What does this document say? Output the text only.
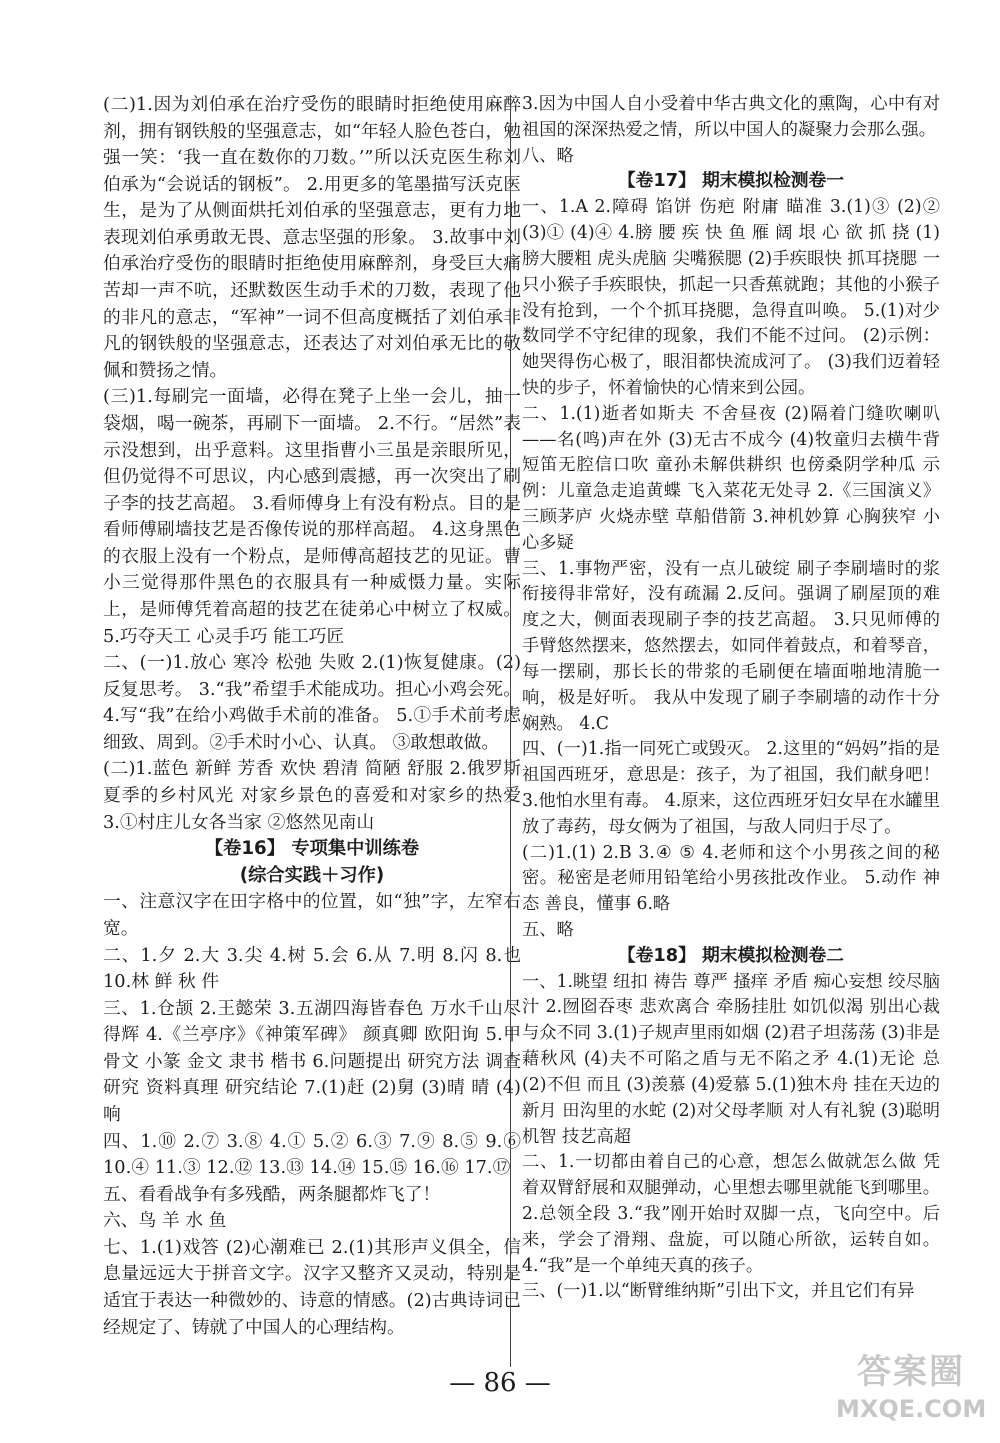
(二)1.因为刘伯承在治疗受伤的眼睛时拒绝使用麻醉剂，拥有钢铁般的坚强意志，如“年轻人脸色苍白，勉强一笑：‘我一直在数你的刀数。’”所以沃克医生称刘伯承为“会说话的钢板”。 2.用更多的笔墨描写沃克医生，是为了从侧面烘托刘伯承的坚强意志，更有力地表现刘伯承勇敢无畏、意志坚强的形象。 3.故事中刘伯承治疗受伤的眼睛时拒绝使用麻醉剂，身受巨大痛苦却一声不吭，还默数医生动手术的刀数，表现了他的非凡的意志，“军神”一词不但高度概括了刘伯承非凡的钢铁般的坚强意志，还表达了对刘伯承无比的敬佩和赞扬之情。
(三)1.每刷完一面墙，必得在凳子上坐一会儿，抽一袋烟，喝一碗茶，再刷下一面墙。 2.不行。“居然”表示没想到，出乎意料。这里指曹小三虽是亲眼所见，但仍觉得不可思议，内心感到震撼，再一次突出了刷子李的技艺高超。 3.看师傅身上有没有粉点。目的是看师傅刷墙技艺是否像传说的那样高超。 4.这身黑色的衣服上没有一个粉点，是师傅高超技艺的见证。曹小三觉得那件黑色的衣服具有一种威慑力量。实际上，是师傅凭着高超的技艺在徒弟心中树立了权威。 5.巧夺天工 心灵手巧 能工巧匠
二、(一)1.放心 寒冷 松弛 失败 2.(1)恢复健康。(2)反复思考。 3.“我”希望手术能成功。担心小鸡会死。 4.写“我”在给小鸡做手术前的准备。 5.①手术前考虑细致、周到。②手术时小心、认真。 ③敢想敢做。
(二)1.蓝色 新鲜 芳香 欢快 碧清 简陋 舒服 2.俄罗斯夏季的乡村风光 对家乡景色的喜爱和对家乡的热爱 3.①村庄儿女各当家 ②悠然见南山
【卷16】 专项集中训练卷
(综合实践＋习作)
一、注意汉字在田字格中的位置，如“独”字，左窄右宽。
二、1.夕 2.大 3.尖 4.树 5.会 6.从 7.明 8.闪 8.也 10.林 鲜 秋 件
三、1.仓颉 2.王懿荣 3.五湖四海皆春色 万水千山尽得辉 4.《兰亭序》《神策军碑》 颜真卿 欧阳询 5.甲骨文 小篆 金文 隶书 楷书 6.问题提出 研究方法 调查研究 资料真理 研究结论 7.(1)赶 (2)舅 (3)晴 晴 (4)响
四、1.⑩ 2.⑦ 3.⑧ 4.① 5.② 6.③ 7.⑨ 8.⑤ 9.⑥ 10.④ 11.③ 12.⑫ 13.⑬ 14.⑭ 15.⑮ 16.⑯ 17.⑰
五、看看战争有多残酷，两条腿都炸飞了！
六、鸟 羊 水 鱼
七、1.(1)戏答 (2)心潮难已 2.(1)其形声义俱全，信息量远远大于拼音文字。汉字又整齐又灵动，特别是适宜于表达一种微妙的、诗意的情感。(2)古典诗词已经规定了、铸就了中国人的心理结构。
3.因为中国人自小受着中华古典文化的熏陶，心中有对祖国的深深热爱之情，所以中国人的凝聚力会那么强。
八、略
【卷17】 期末模拟检测卷一
一、1.A 2.障碍 馅饼 伤疤 附庸 瞄准 3.(1)③ (2)② (3)① (4)④ 4.膀 腰 疾 快 鱼 雁 阔 垠 心 欲 抓 挠 (1)膀大腰粗 虎头虎脑 尖嘴猴腮 (2)手疾眼快 抓耳挠腮 一只小猴子手疾眼快，抓起一只香蕉就跑；其他的小猴子没有抢到，一个个抓耳挠腮，急得直叫唤。 5.(1)对少数同学不守纪律的现象，我们不能不过问。 (2)示例：她哭得伤心极了，眼泪都快流成河了。 (3)我们迈着轻快的步子，怀着愉快的心情来到公园。
二、1.(1)逝者如斯夫 不舍昼夜 (2)隔着门缝吹喇叭——名(鸣)声在外 (3)无古不成今 (4)牧童归去横牛背 短笛无腔信口吹 童孙未解供耕织 也傍桑阴学种瓜 示例：儿童急走追黄蝶 飞入菜花无处寻 2.《三国演义》 三顾茅庐 火烧赤壁 草船借箭 3.神机妙算 心胸狭窄 小心多疑
三、1.事物严密，没有一点儿破绽 刷子李刷墙时的浆衔接得非常好，没有疏漏 2.反问。强调了刷屋顶的难度之大，侧面表现刷子李的技艺高超。 3.只见师傅的手臂悠然摆来，悠然摆去，如同伴着鼓点，和着琴音，每一摆刷，那长长的带浆的毛刷便在墙面啪地清脆一响，极是好听。 我从中发现了刷子李刷墙的动作十分娴熟。 4.C
四、(一)1.指一同死亡或毁灭。 2.这里的“妈妈”指的是祖国西班牙，意思是：孩子，为了祖国，我们献身吧！ 3.他怕水里有毒。 4.原来，这位西班牙妇女早在水罐里放了毒药，母女俩为了祖国，与敌人同归于尽了。
(二)1.(1) 2.B 3.④ ⑤ 4.老师和这个小男孩之间的秘密。秘密是老师用铅笔给小男孩批改作业。 5.动作 神态 善良，懂事 6.略
五、略
【卷18】 期末模拟检测卷二
一、1.眺望 纽扣 祷告 尊严 搔痒 矛盾 痴心妄想 绞尽脑汁 2.囫囵吞枣 悲欢离合 牵肠挂肚 如饥似渴 别出心裁 与众不同 3.(1)子规声里雨如烟 (2)君子坦荡荡 (3)非是藉秋风 (4)夫不可陷之盾与无不陷之矛 4.(1)无论 总 (2)不但 而且 (3)羡慕 (4)爱慕 5.(1)独木舟 挂在天边的新月 田沟里的水蛇 (2)对父母孝顺 对人有礼貌 (3)聪明机智 技艺高超
二、1.一切都由着自己的心意，想怎么做就怎么做 凭着双臂舒展和双腿弹动，心里想去哪里就能飞到哪里。 2.总领全段 3.“我”刚开始时双脚一点，飞向空中。后来，学会了滑翔、盘旋，可以随心所欲，运转自如。 4.“我”是一个单纯天真的孩子。
三、(一)1.以“断臂维纳斯”引出下文，并且它们有异
— 86 —	答案圈
MXQE.COM
